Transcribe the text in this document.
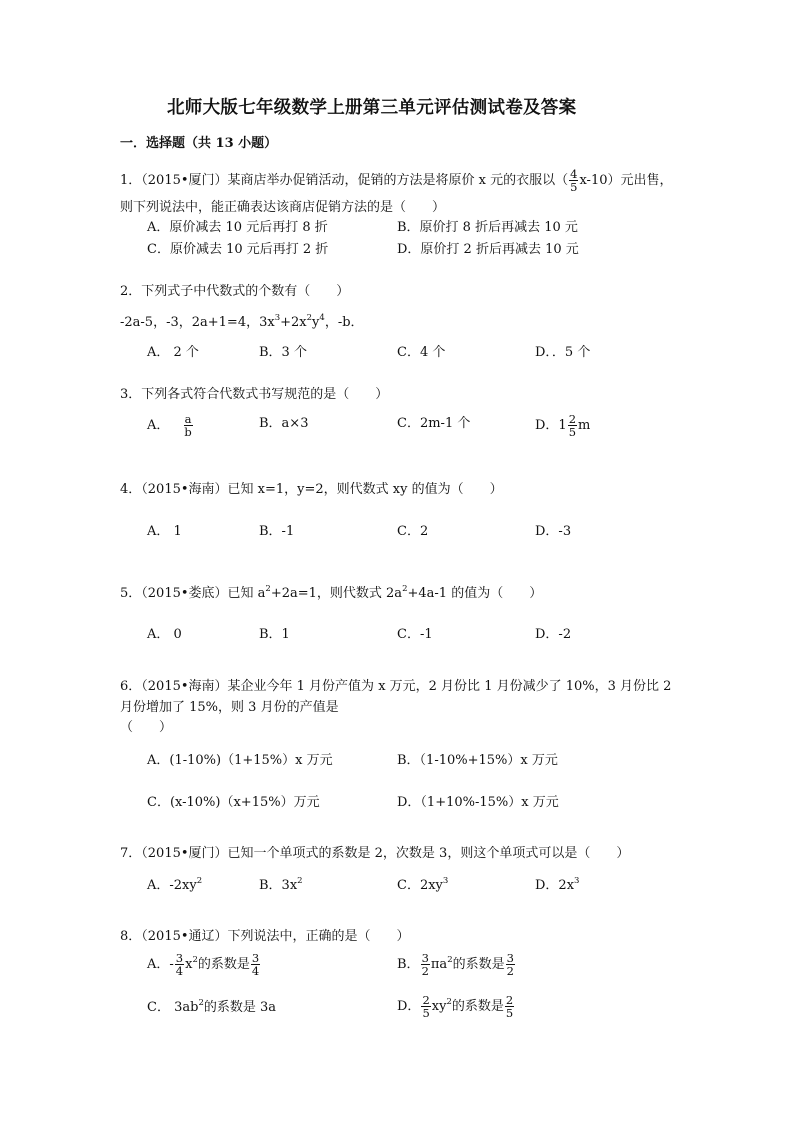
北师大版七年级数学上册第三单元评估测试卷及答案
一．选择题（共 13 小题）
1．（2015•厦门）某商店举办促销活动，促销的方法是将原价 x 元的衣服以（ $\frac{4}{5} x-10$）元出售，
则下列说法中，能正确表达该商店促销方法的是（　　）
A．原价减去 10 元后再打 8 折	B．原价打 8 折后再减去 10 元
C．原价减去 10 元后再打 2 折	D．原价打 2 折后再减去 10 元
2．下列式子中代数式的个数有（　　）
-2a-5，-3，2a+1=4，$3x^3+2x^2y^4$，-b．
A． 2 个	B．3 个	C．4 个	D．．5 个
3．下列各式符合代数式书写规范的是（　　）
A． $\frac{a}{b}$	B．a×3	C．2m-1 个	D．$1 \frac{2}{5}$ m
4．（2015•海南）已知 x=1，y=2，则代数式 xy 的值为（　　）
A． 1	B．-1	C．2	D．-3
5．（2015•娄底）已知 $a^2+2a=1$，则代数式 $2a^2+4a-1$ 的值为（　　）
A． 0	B．1	C．-1	D．-2
6．（2015•海南）某企业今年 1 月份产值为 x 万元，2 月份比 1 月份减少了 10%，3 月份比 2
月份增加了 15%，则 3 月份的产值是
（　　）
A．(1-10%)（1+15%）x 万元	B．（1-10%+15%）x 万元
C．(x-10%)（x+15%）万元	D．（1+10%-15%）x 万元
7．（2015•厦门）已知一个单项式的系数是 2，次数是 3，则这个单项式可以是（　　）
A．$-2xy^2$	B．$3x^2$	C．$2xy^3$	D．$2x^3$
8．（2015•通辽）下列说法中，正确的是（　　）
A．- $\frac{3}{4} x^2$的系数是 $\frac{3}{4}$	B． $\frac{3}{2} \pi a^2$的系数是 $\frac{3}{2}$
C． $3ab^2$的系数是 3a	D． $\frac{2}{5} xy^2$的系数是 $\frac{2}{5}$
